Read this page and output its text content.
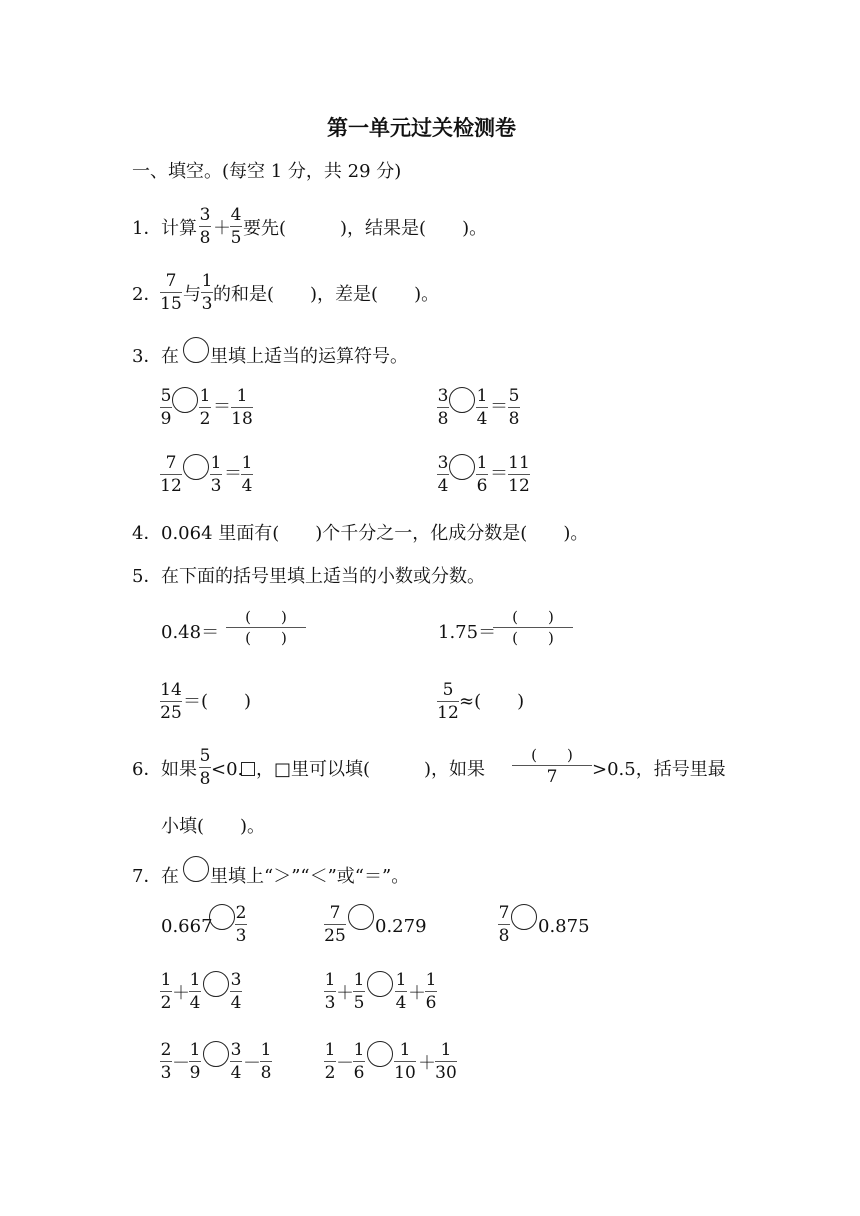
第一单元过关检测卷
一、填空。(每空 1 分，共 29 分)
1． 计算
3
8 ＋
4
5 要先(　　　)，结果是(　　)。
2．
7
15 与
1
3 的和是(　　)，差是(　　)。
3． 在 里填上适当的运算符号。
5
9
1
2
＝ 1
18
3
8
1
4
＝ 5
8
7
12
1
3
＝ 1
4
3
4
1
6
＝ 11
12
4． 0.064 里面有(　　)个千分之一，化成分数是(　　)。
5． 在下面的括号里填上适当的小数或分数。
0.48＝
(　　)
(　　)	1.75＝
(　　)
(　　)
14
25
＝(　　)
5
12
≈(　　)
6． 如果
5
8 <0. ，□里可以填(　　　)，如果
(　　)
7	>0.5，括号里最
小填(　　)。
7． 在 里填上“＞”“＜”或“＝”。
0.667
2
3
7
25 0.279
7
8 0.875
1
2 ＋
1
4
3
4
1
3 ＋
1
5
1
4 ＋
1
6
2
3 －
1
9
3
4 －
1
8
1
2 －
1
6
1
10 ＋
1
30
